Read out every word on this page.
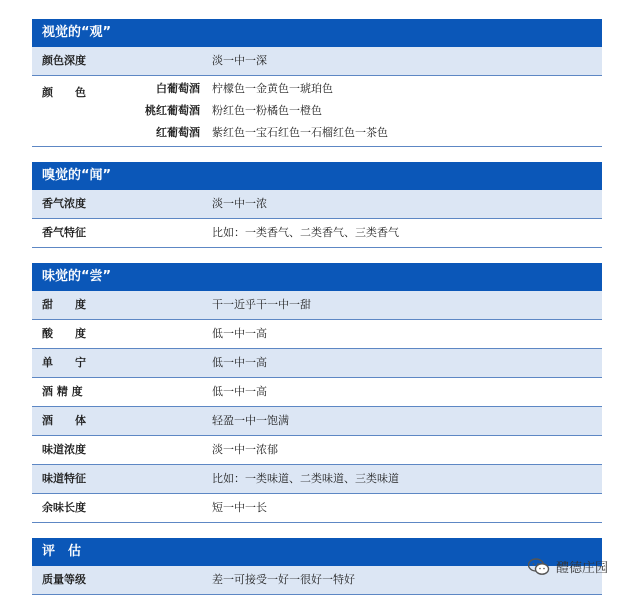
视觉的“观”
颜色深度	淡一中一深
颜　　色	白葡萄酒 柠檬色一金黄色一琥珀色
桃红葡萄酒 粉红色一粉橘色一橙色
红葡萄酒 紫红色一宝石红色一石榴红色一茶色
嗅觉的“闻”
香气浓度	淡一中一浓
香气特征	比如：一类香气、二类香气、三类香气
味觉的“尝”
甜　　度	干一近乎干一中一甜
酸　　度	低一中一高
单　　宁	低一中一高
酒 精 度	低一中一高
酒　　体	轻盈一中一饱满
味道浓度	淡一中一浓郁
味道特征	比如：一类味道、二类味道、三类味道
余味长度	短一中一长
评　估
质量等级	差一可接受一好一很好一特好
醴德庄园
